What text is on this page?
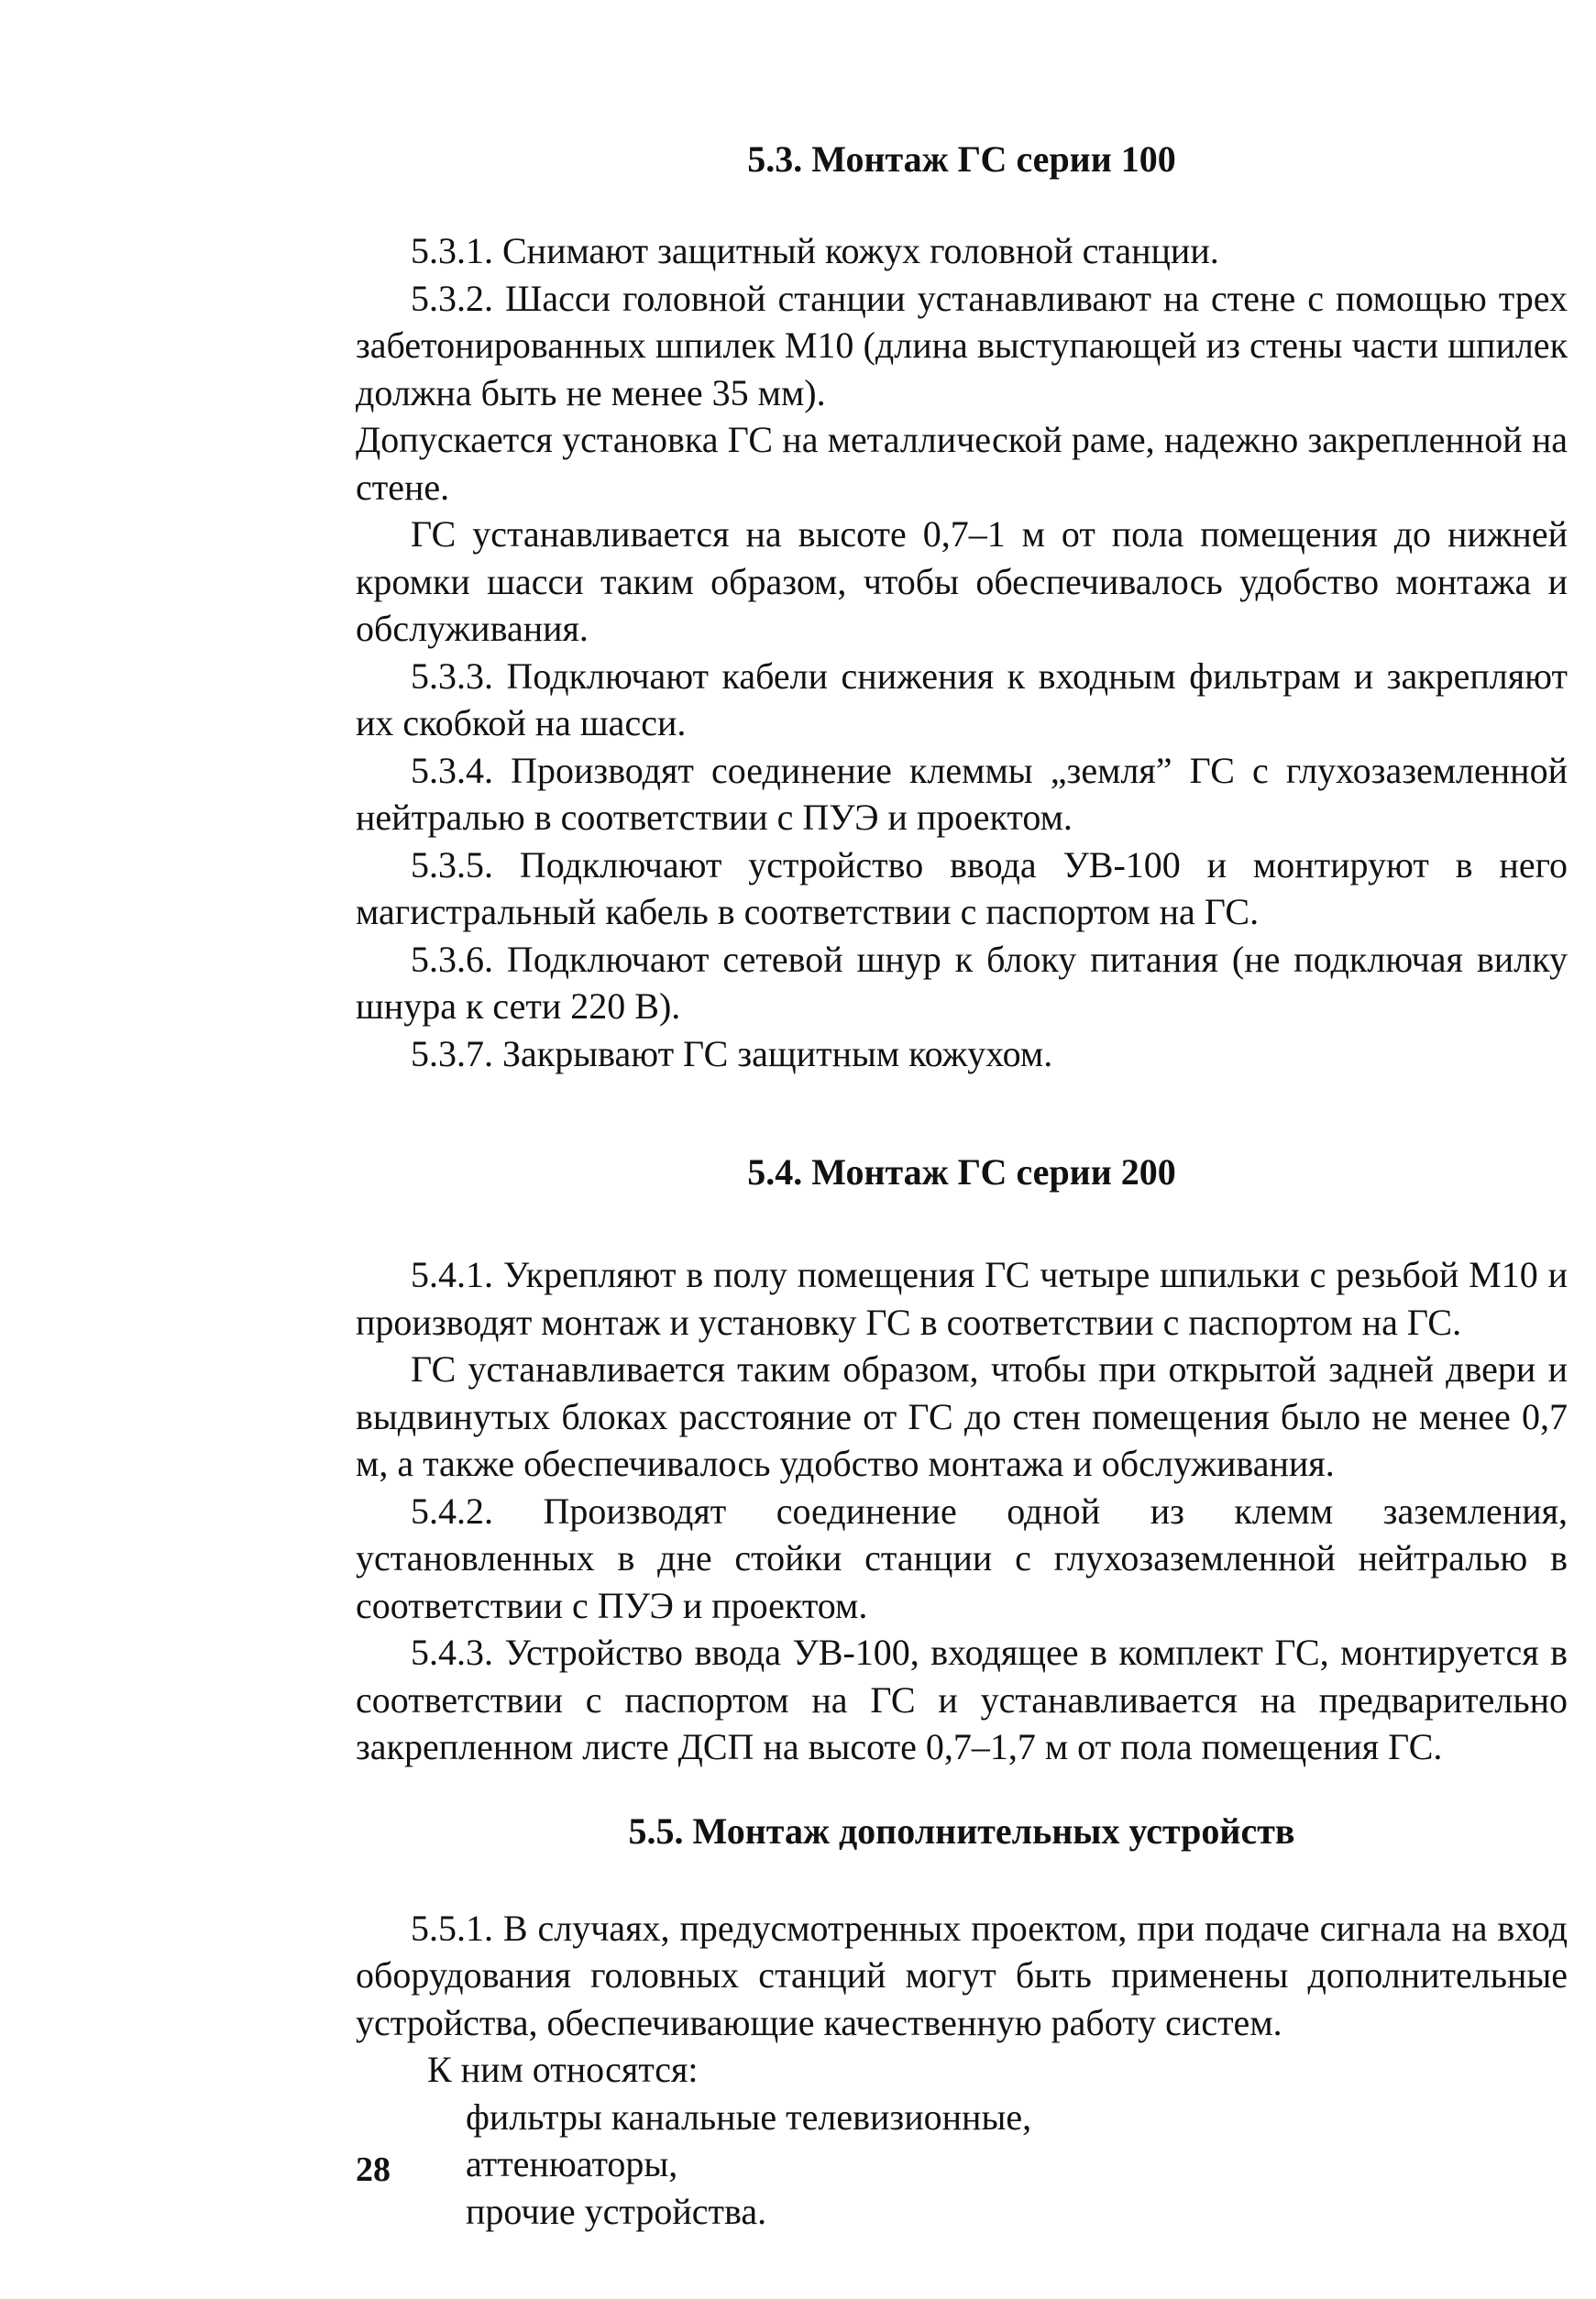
5.3. Монтаж ГС серии 100

5.3.1. Снимают защитный кожух головной станции.

5.3.2. Шасси головной станции устанавливают на стене с помощью трех забетонированных шпилек М10 (длина выступающей из стены части шпилек должна быть не менее 35 мм).

Допускается установка ГС на металлической раме, надежно закрепленной на стене.

ГС устанавливается на высоте 0,7–1 м от пола помещения до нижней кромки шасси таким образом, чтобы обеспечивалось удобство монтажа и обслуживания.

5.3.3. Подключают кабели снижения к входным фильтрам и закрепляют их скобкой на шасси.

5.3.4. Производят соединение клеммы „земля” ГС с глухозаземленной нейтралью в соответствии с ПУЭ и проектом.

5.3.5. Подключают устройство ввода УВ-100 и монтируют в него магистральный кабель в соответствии с паспортом на ГС.

5.3.6. Подключают сетевой шнур к блоку питания (не подключая вилку шнура к сети 220 В).

5.3.7. Закрывают ГС защитным кожухом.

5.4. Монтаж ГС серии 200

5.4.1. Укрепляют в полу помещения ГС четыре шпильки с резьбой М10 и производят монтаж и установку ГС в соответствии с паспортом на ГС.

ГС устанавливается таким образом, чтобы при открытой задней двери и выдвинутых блоках расстояние от ГС до стен помещения было не менее 0,7 м, а также обеспечивалось удобство монтажа и обслуживания.

5.4.2. Производят соединение одной из клемм заземления, установленных в дне стойки станции с глухозаземленной нейтралью в соответствии с ПУЭ и проектом.

5.4.3. Устройство ввода УВ-100, входящее в комплект ГС, монтируется в соответствии с паспортом на ГС и устанавливается на предварительно закрепленном листе ДСП на высоте 0,7–1,7 м от пола помещения ГС.

5.5. Монтаж дополнительных устройств

5.5.1. В случаях, предусмотренных проектом, при подаче сигнала на вход оборудования головных станций могут быть применены дополнительные устройства, обеспечивающие качественную работу систем.

К ним относятся:

фильтры канальные телевизионные,

аттенюаторы,

прочие устройства.

28
